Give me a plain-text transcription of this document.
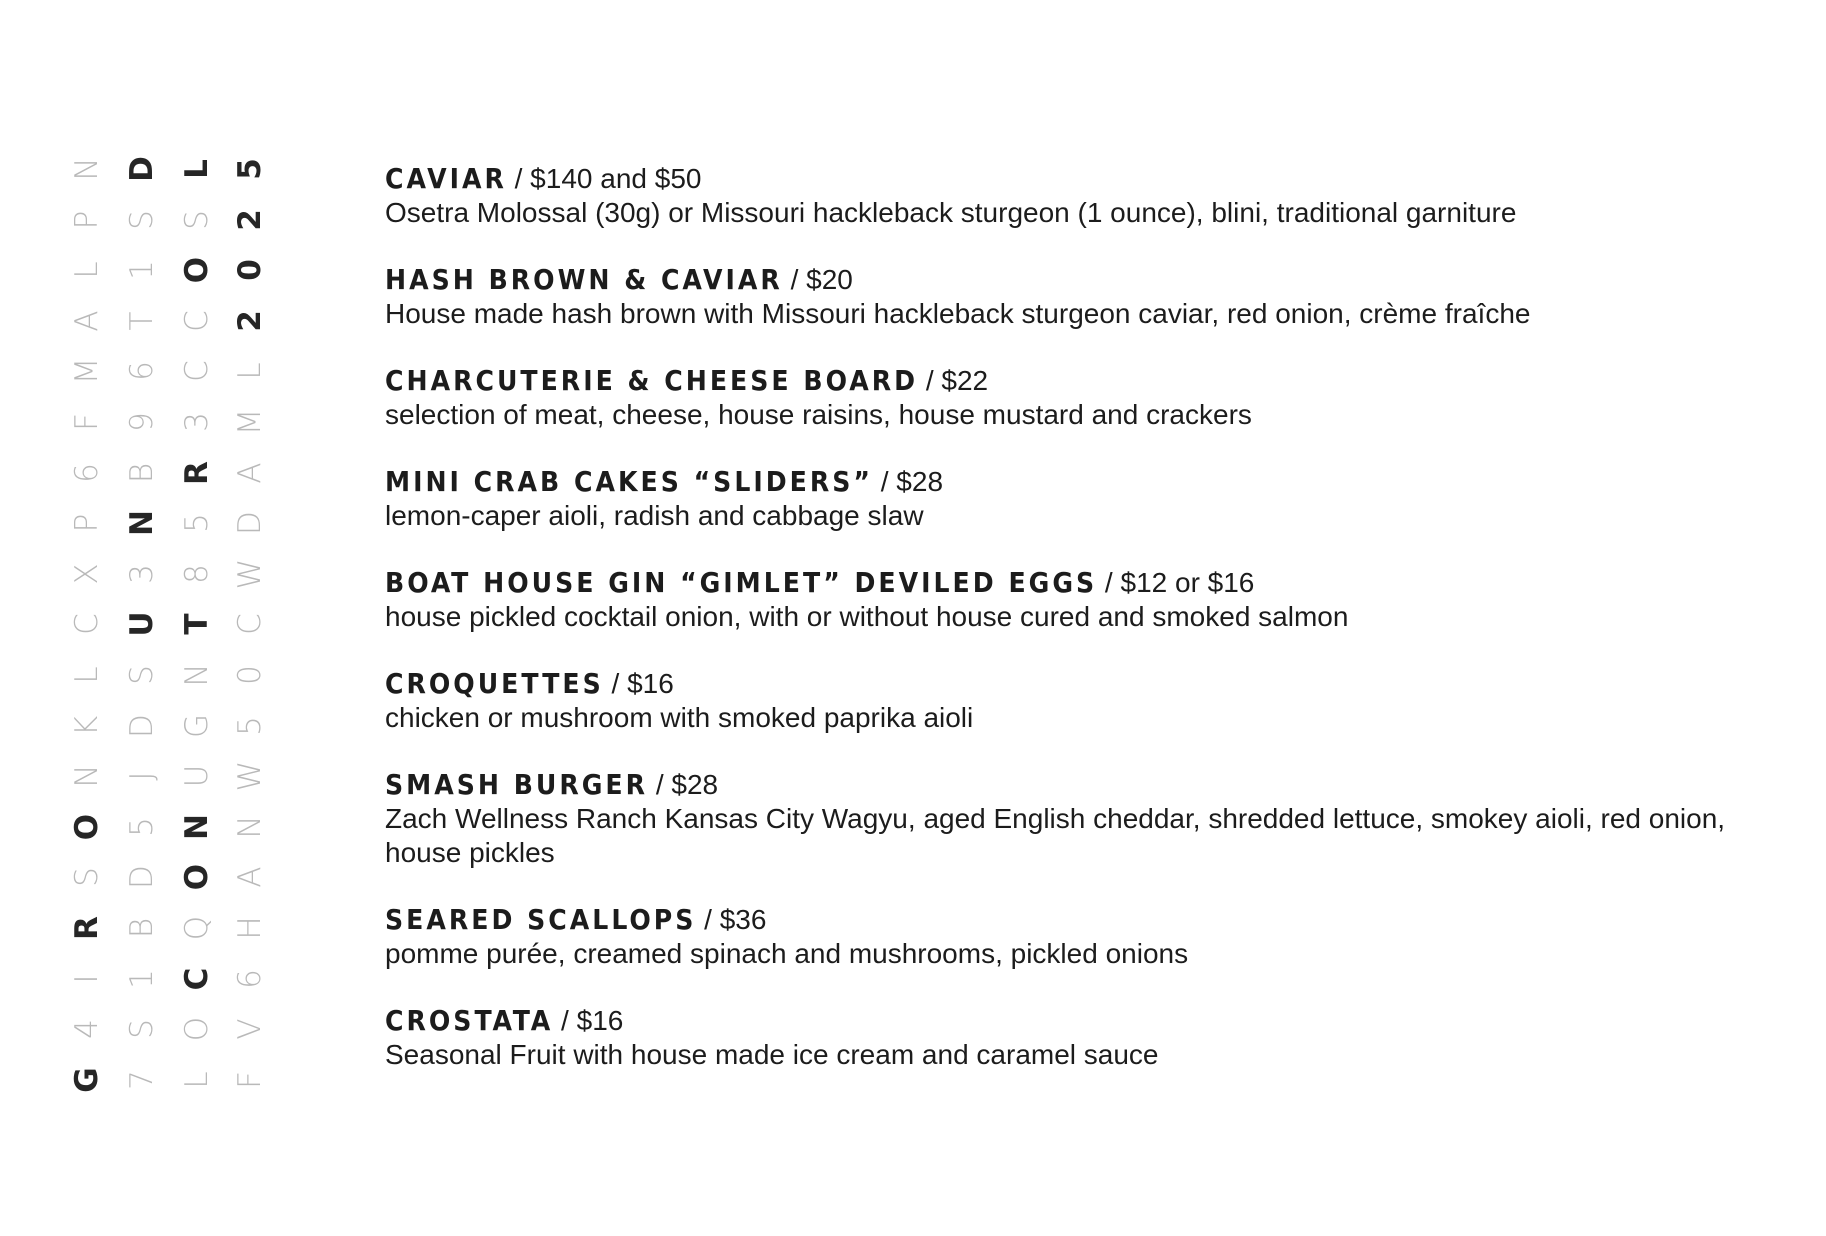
N
P
L
A
M
F
6
P
X
C
L
K
N
O
S
R
I
4
G
D
S
1
T
6
9
B
N
3
U
S
D
J
5
D
B
1
S
7
L
S
O
C
C
3
R
5
8
T
N
G
U
N
O
Q
C
O
L
5
2
0
2
L
M
A
D
W
C
0
5
W
N
A
H
6
V
F
CAVIAR / $140 and $50
Osetra Molossal (30g) or Missouri hackleback sturgeon (1 ounce), blini, traditional garniture
HASH BROWN & CAVIAR / $20
House made hash brown with Missouri hackleback sturgeon caviar, red onion, crème fraîche
CHARCUTERIE & CHEESE BOARD / $22
selection of meat, cheese, house raisins, house mustard and crackers
MINI CRAB CAKES “SLIDERS” / $28
lemon-caper aioli, radish and cabbage slaw
BOAT HOUSE GIN “GIMLET” DEVILED EGGS / $12 or $16
house pickled cocktail onion, with or without house cured and smoked salmon
CROQUETTES / $16
chicken or mushroom with smoked paprika aioli
SMASH BURGER / $28
Zach Wellness Ranch Kansas City Wagyu, aged English cheddar, shredded lettuce, smokey aioli, red onion, house pickles
SEARED SCALLOPS / $36
pomme purée, creamed spinach and mushrooms, pickled onions
CROSTATA / $16
Seasonal Fruit with house made ice cream and caramel sauce
